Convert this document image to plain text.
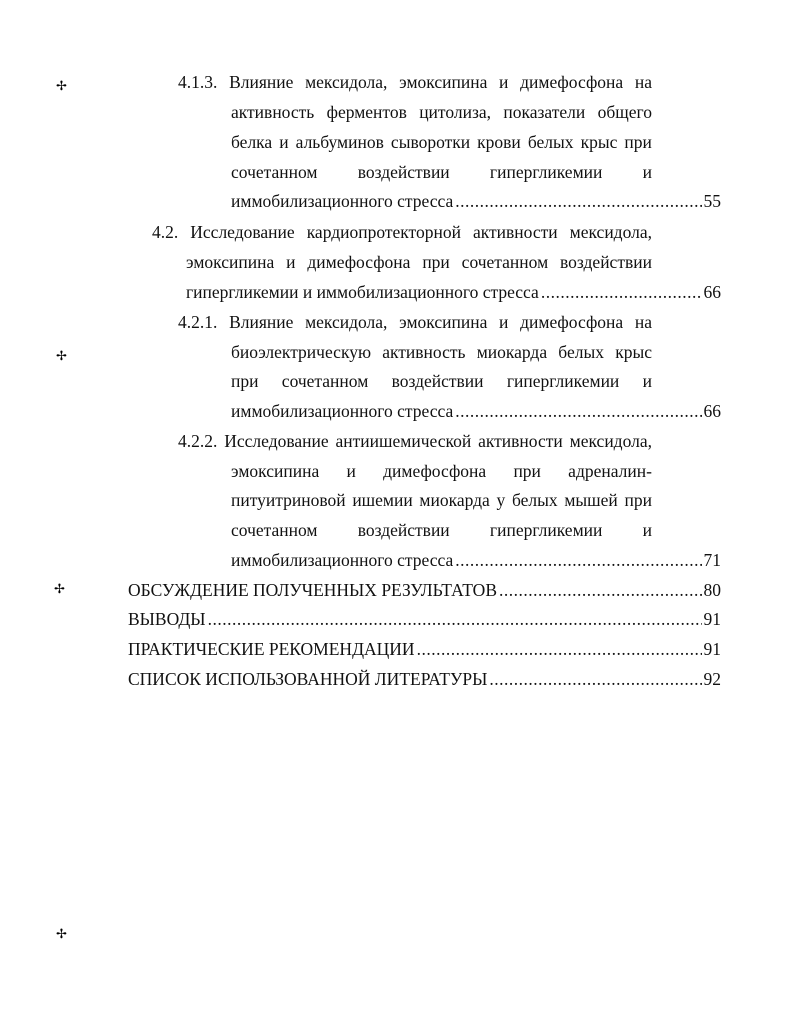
4.1.3. Влияние мексидола, эмоксипина и димефосфона на
активность ферментов цитолиза, показатели общего
белка и альбуминов сыворотки крови белых крыс при
сочетанном воздействии гипергликемии и
иммобилизационного стресса .....	55
4.2. Исследование кардиопротекторной активности мексидола,
эмоксипина и димефосфона при сочетанном воздействии
гипергликемии и иммобилизационного стресса .....	66
4.2.1. Влияние мексидола, эмоксипина и димефосфона на
биоэлектрическую активность миокарда белых крыс
при сочетанном воздействии гипергликемии и
иммобилизационного стресса .....	66
4.2.2. Исследование антиишемической активности мексидола,
эмоксипина и димефосфона при адреналин-
питуитриновой ишемии миокарда у белых мышей при
сочетанном воздействии гипергликемии и
иммобилизационного стресса .....	71
ОБСУЖДЕНИЕ ПОЛУЧЕННЫХ РЕЗУЛЬТАТОВ .....	80
ВЫВОДЫ .....	91
ПРАКТИЧЕСКИЕ РЕКОМЕНДАЦИИ .....	91
СПИСОК ИСПОЛЬЗОВАННОЙ ЛИТЕРАТУРЫ .....	92
✢
✢
✢
✢
